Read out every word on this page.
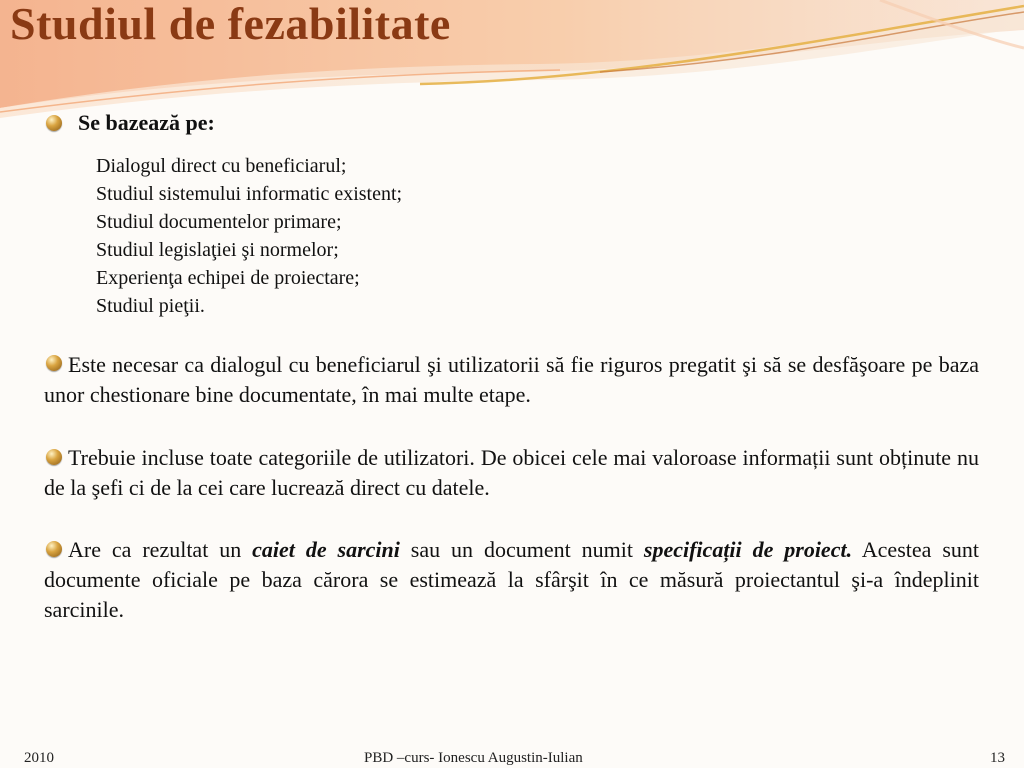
Studiul de fezabilitate
Se bazează pe:
Dialogul direct cu beneficiarul;
Studiul sistemului informatic existent;
Studiul documentelor primare;
Studiul legislaţiei şi normelor;
Experienţa echipei de proiectare;
Studiul pieţii.

Este necesar ca dialogul cu beneficiarul şi utilizatorii să fie riguros pregatit şi să se desfăşoare pe baza unor chestionare bine documentate, în mai multe etape.

Trebuie incluse toate categoriile de utilizatori. De obicei cele mai valoroase informații sunt obținute nu de la şefi ci de la cei care lucrează direct cu datele.

Are ca rezultat un caiet de sarcini sau un document numit specificații de proiect. Acestea sunt documente oficiale pe baza cărora se estimează la sfârşit în ce măsură proiectantul şi-a îndeplinit sarcinile.

2010	PBD –curs- Ionescu Augustin-Iulian	13
